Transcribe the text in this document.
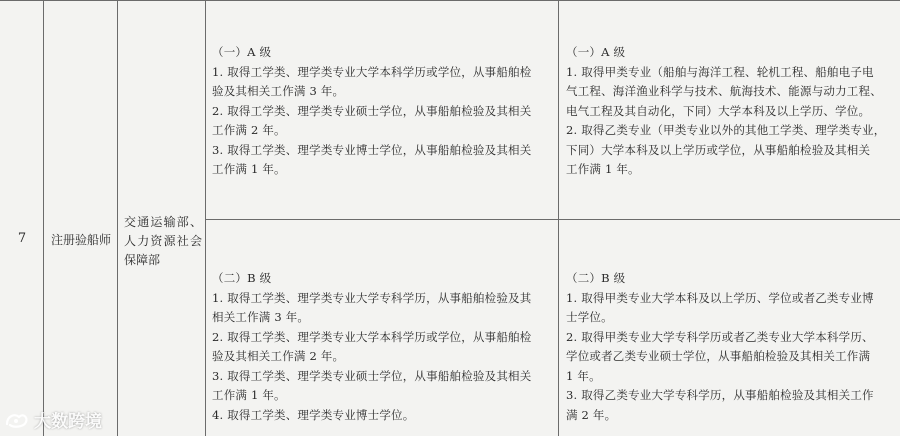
7	注册验船师
交通运输部、人力资源社会保障部
（一）A 级
1. 取得工学类、理学类专业大学本科学历或学位，从事船舶检
验及其相关工作满 3 年。
2. 取得工学类、理学类专业硕士学位，从事船舶检验及其相关
工作满 2 年。
3. 取得工学类、理学类专业博士学位，从事船舶检验及其相关
工作满 1 年。
（一）A 级
1. 取得甲类专业（船舶与海洋工程、轮机工程、船舶电子电
气工程、海洋渔业科学与技术、航海技术、能源与动力工程、
电气工程及其自动化，下同）大学本科及以上学历、学位。
2. 取得乙类专业（甲类专业以外的其他工学类、理学类专业，
下同）大学本科及以上学历或学位，从事船舶检验及其相关
工作满 1 年。
（二）B 级
1. 取得工学类、理学类专业大学专科学历，从事船舶检验及其
相关工作满 3 年。
2. 取得工学类、理学类专业大学本科学历或学位，从事船舶检
验及其相关工作满 2 年。
3. 取得工学类、理学类专业硕士学位，从事船舶检验及其相关
工作满 1 年。
4. 取得工学类、理学类专业博士学位。
（二）B 级
1. 取得甲类专业大学本科及以上学历、学位或者乙类专业博
士学位。
2. 取得甲类专业大学专科学历或者乙类专业大学本科学历、
学位或者乙类专业硕士学位，从事船舶检验及其相关工作满
1 年。
3. 取得乙类专业大学专科学历，从事船舶检验及其相关工作
满 2 年。
大数跨境
